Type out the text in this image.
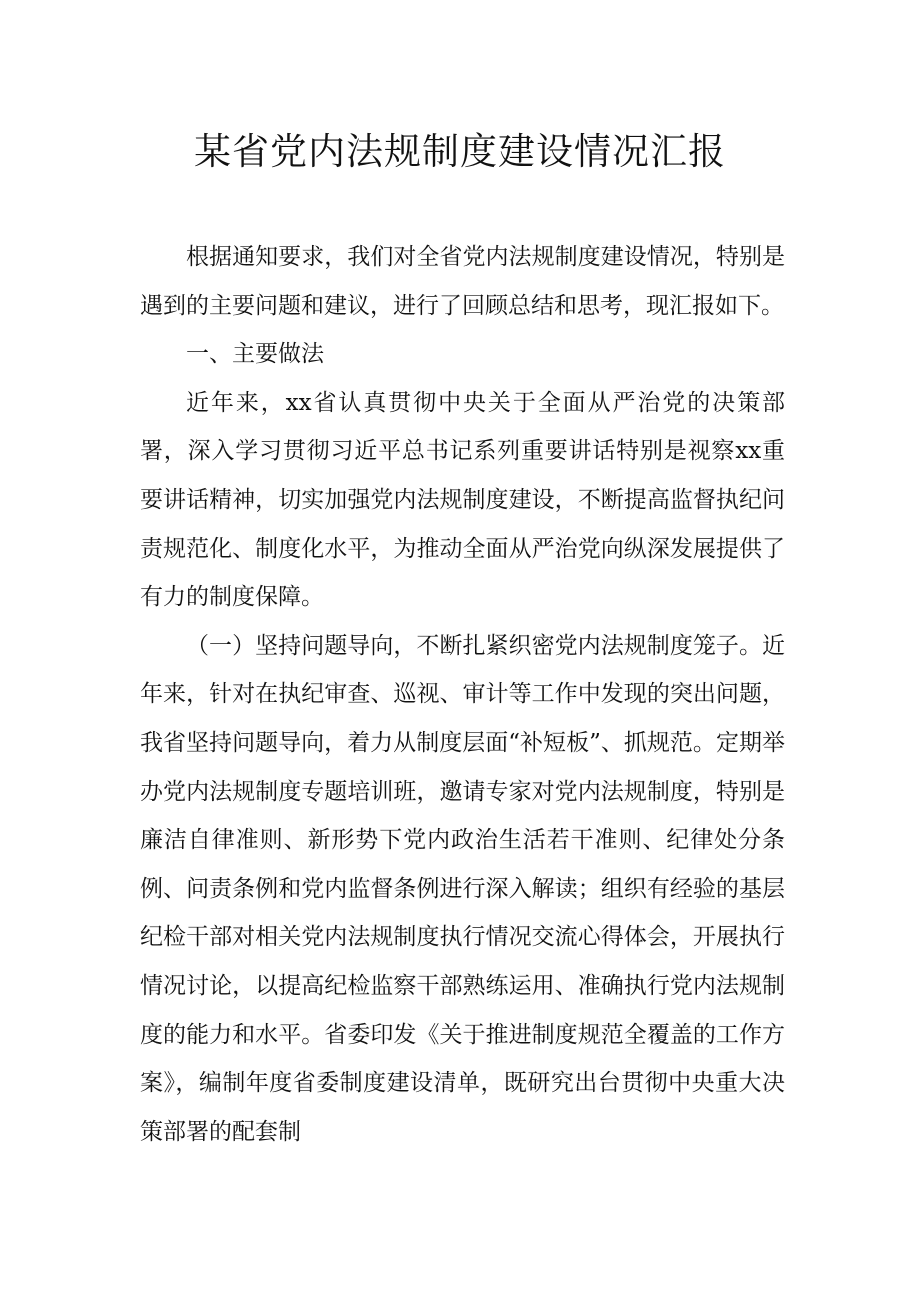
某省党内法规制度建设情况汇报

根据通知要求，我们对全省党内法规制度建设情况，特别是遇到的主要问题和建议，进行了回顾总结和思考，现汇报如下。

一、主要做法

近年来，xx省认真贯彻中央关于全面从严治党的决策部署，深入学习贯彻习近平总书记系列重要讲话特别是视察xx重要讲话精神，切实加强党内法规制度建设，不断提高监督执纪问责规范化、制度化水平，为推动全面从严治党向纵深发展提供了有力的制度保障。

（一）坚持问题导向，不断扎紧织密党内法规制度笼子。近年来，针对在执纪审查、巡视、审计等工作中发现的突出问题，我省坚持问题导向，着力从制度层面“补短板”、抓规范。定期举办党内法规制度专题培训班，邀请专家对党内法规制度，特别是廉洁自律准则、新形势下党内政治生活若干准则、纪律处分条例、问责条例和党内监督条例进行深入解读；组织有经验的基层纪检干部对相关党内法规制度执行情况交流心得体会，开展执行情况讨论，以提高纪检监察干部熟练运用、准确执行党内法规制度的能力和水平。省委印发《关于推进制度规范全覆盖的工作方案》，编制年度省委制度建设清单，既研究出台贯彻中央重大决策部署的配套制
